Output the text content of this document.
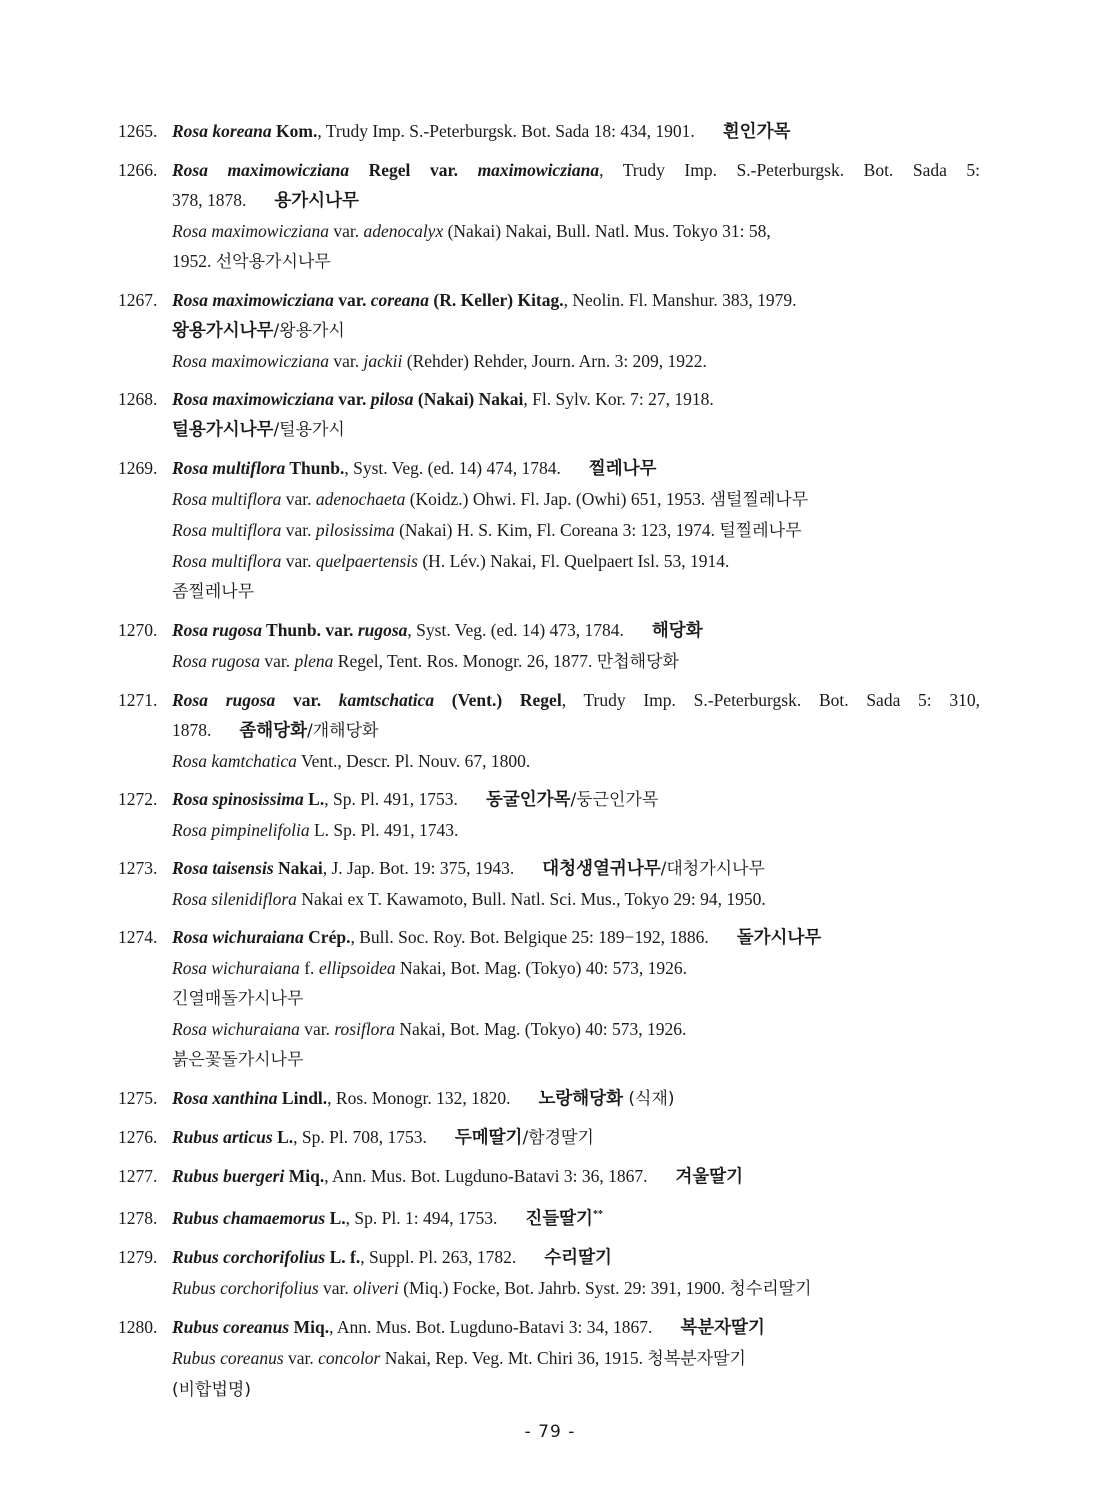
1265. Rosa koreana Kom., Trudy Imp. S.-Peterburgsk. Bot. Sada 18: 434, 1901. 흰인가목
1266. Rosa maximowicziana Regel var. maximowicziana, Trudy Imp. S.-Peterburgsk. Bot. Sada 5:
378, 1878. 용가시나무
Rosa maximowicziana var. adenocalyx (Nakai) Nakai, Bull. Natl. Mus. Tokyo 31: 58,
1952. 선악용가시나무
1267. Rosa maximowicziana var. coreana (R. Keller) Kitag., Neolin. Fl. Manshur. 383, 1979.
왕용가시나무/왕용가시
Rosa maximowicziana var. jackii (Rehder) Rehder, Journ. Arn. 3: 209, 1922.
1268. Rosa maximowicziana var. pilosa (Nakai) Nakai, Fl. Sylv. Kor. 7: 27, 1918.
털용가시나무/털용가시
1269. Rosa multiflora Thunb., Syst. Veg. (ed. 14) 474, 1784. 찔레나무
Rosa multiflora var. adenochaeta (Koidz.) Ohwi. Fl. Jap. (Owhi) 651, 1953. 샘털찔레나무
Rosa multiflora var. pilosissima (Nakai) H. S. Kim, Fl. Coreana 3: 123, 1974. 털찔레나무
Rosa multiflora var. quelpaertensis (H. Lév.) Nakai, Fl. Quelpaert Isl. 53, 1914.
좀찔레나무
1270. Rosa rugosa Thunb. var. rugosa, Syst. Veg. (ed. 14) 473, 1784. 해당화
Rosa rugosa var. plena Regel, Tent. Ros. Monogr. 26, 1877. 만첩해당화
1271. Rosa rugosa var. kamtschatica (Vent.) Regel, Trudy Imp. S.-Peterburgsk. Bot. Sada 5: 310,
1878. 좀해당화/개해당화
Rosa kamtchatica Vent., Descr. Pl. Nouv. 67, 1800.
1272. Rosa spinosissima L., Sp. Pl. 491, 1753. 동굴인가목/둥근인가목
Rosa pimpinelifolia L. Sp. Pl. 491, 1743.
1273. Rosa taisensis Nakai, J. Jap. Bot. 19: 375, 1943. 대청생열귀나무/대청가시나무
Rosa silenidiflora Nakai ex T. Kawamoto, Bull. Natl. Sci. Mus., Tokyo 29: 94, 1950.
1274. Rosa wichuraiana Crép., Bull. Soc. Roy. Bot. Belgique 25: 189−192, 1886. 돌가시나무
Rosa wichuraiana f. ellipsoidea Nakai, Bot. Mag. (Tokyo) 40: 573, 1926.
긴열매돌가시나무
Rosa wichuraiana var. rosiflora Nakai, Bot. Mag. (Tokyo) 40: 573, 1926.
붉은꽃돌가시나무
1275. Rosa xanthina Lindl., Ros. Monogr. 132, 1820. 노랑해당화 (식재)
1276. Rubus articus L., Sp. Pl. 708, 1753. 두메딸기/함경딸기
1277. Rubus buergeri Miq., Ann. Mus. Bot. Lugduno-Batavi 3: 36, 1867. 겨울딸기
1278. Rubus chamaemorus L., Sp. Pl. 1: 494, 1753. 진들딸기**
1279. Rubus corchorifolius L. f., Suppl. Pl. 263, 1782. 수리딸기
Rubus corchorifolius var. oliveri (Miq.) Focke, Bot. Jahrb. Syst. 29: 391, 1900. 청수리딸기
1280. Rubus coreanus Miq., Ann. Mus. Bot. Lugduno-Batavi 3: 34, 1867. 복분자딸기
Rubus coreanus var. concolor Nakai, Rep. Veg. Mt. Chiri 36, 1915. 청복분자딸기
(비합법명)
- 79 -
